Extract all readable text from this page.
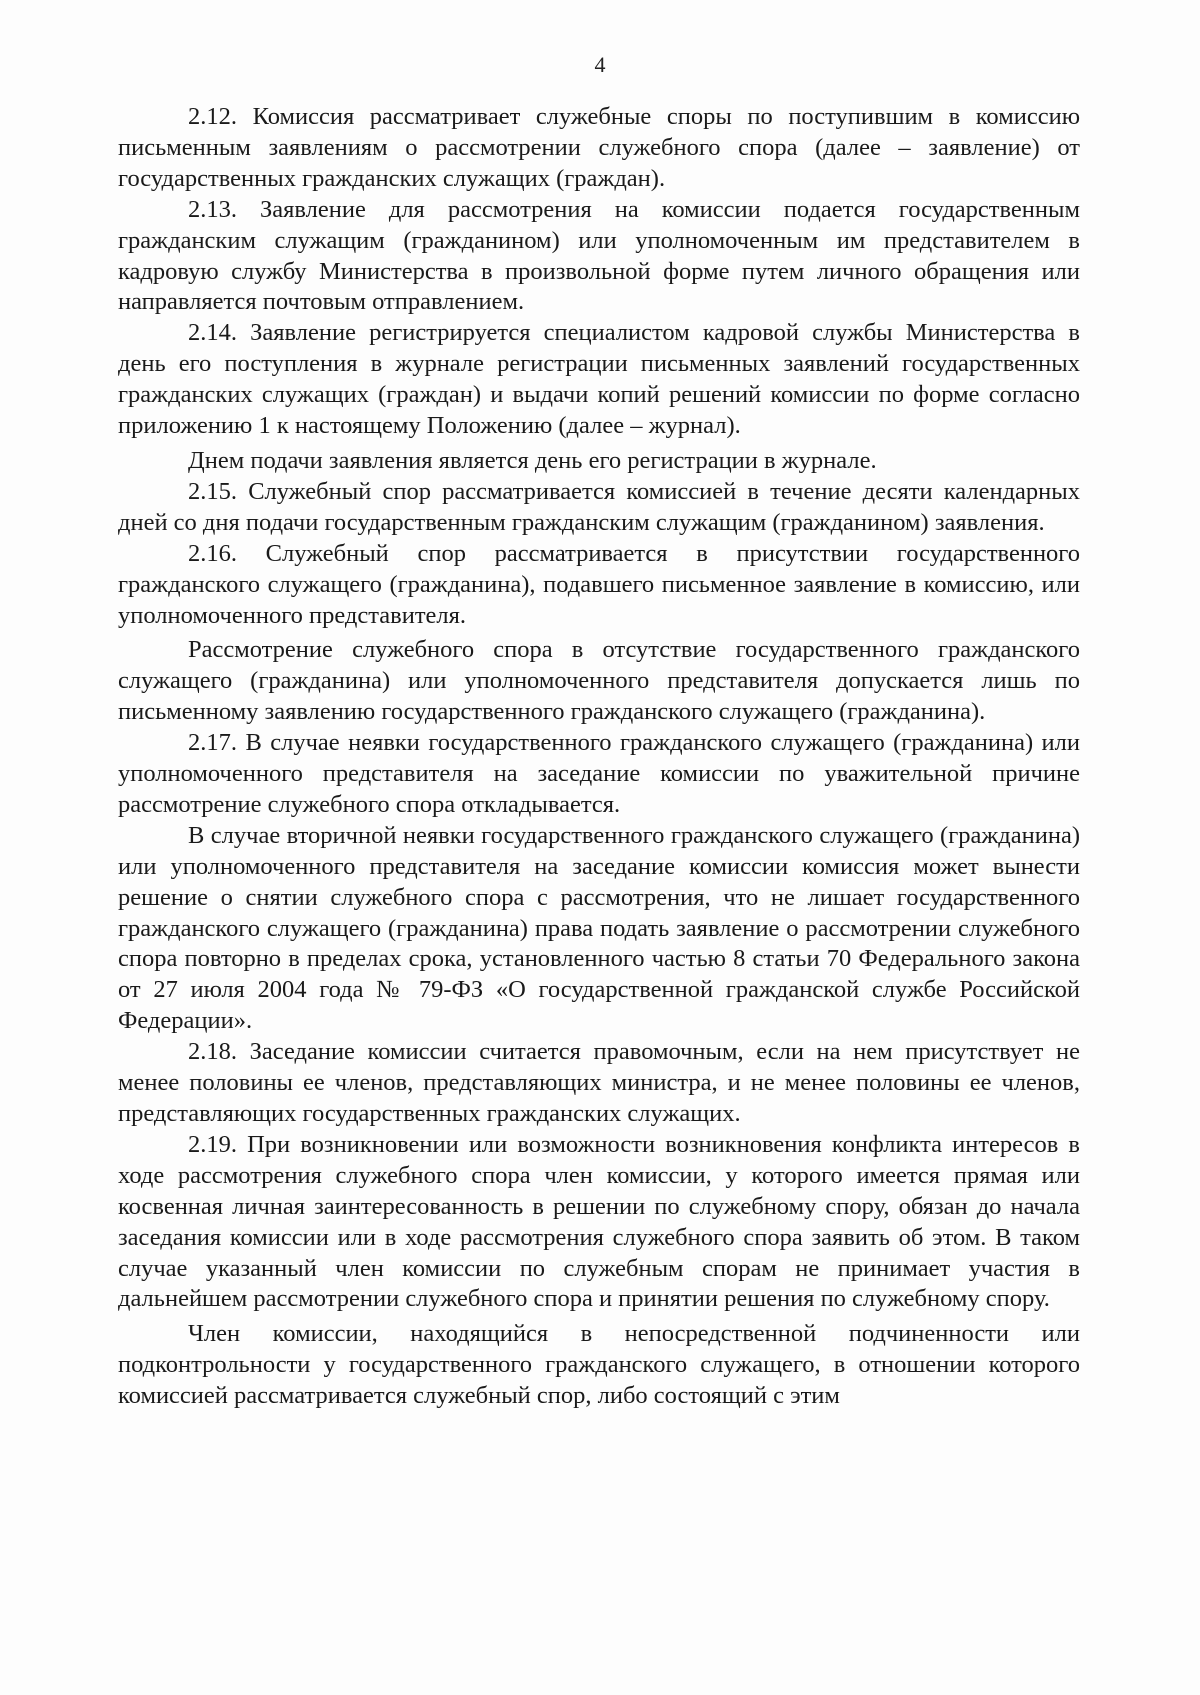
4

2.12. Комиссия рассматривает служебные споры по поступившим в комиссию письменным заявлениям о рассмотрении служебного спора (далее – заявление) от государственных гражданских служащих (граждан).

2.13. Заявление для рассмотрения на комиссии подается государственным гражданским служащим (гражданином) или уполномоченным им представителем в кадровую службу Министерства в произвольной форме путем личного обращения или направляется почтовым отправлением.

2.14. Заявление регистрируется специалистом кадровой службы Министерства в день его поступления в журнале регистрации письменных заявлений государственных гражданских служащих (граждан) и выдачи копий решений комиссии по форме согласно приложению 1 к настоящему Положению (далее – журнал).

Днем подачи заявления является день его регистрации в журнале.

2.15. Служебный спор рассматривается комиссией в течение десяти календарных дней со дня подачи государственным гражданским служащим (гражданином) заявления.

2.16. Служебный спор рассматривается в присутствии государственного гражданского служащего (гражданина), подавшего письменное заявление в комиссию, или уполномоченного представителя.

Рассмотрение служебного спора в отсутствие государственного гражданского служащего (гражданина) или уполномоченного представителя допускается лишь по письменному заявлению государственного гражданского служащего (гражданина).

2.17. В случае неявки государственного гражданского служащего (гражданина) или уполномоченного представителя на заседание комиссии по уважительной причине рассмотрение служебного спора откладывается.

В случае вторичной неявки государственного гражданского служащего (гражданина) или уполномоченного представителя на заседание комиссии комиссия может вынести решение о снятии служебного спора с рассмотрения, что не лишает государственного гражданского служащего (гражданина) права подать заявление о рассмотрении служебного спора повторно в пределах срока, установленного частью 8 статьи 70 Федерального закона от 27 июля 2004 года № 79-ФЗ «О государственной гражданской службе Российской Федерации».

2.18. Заседание комиссии считается правомочным, если на нем присутствует не менее половины ее членов, представляющих министра, и не менее половины ее членов, представляющих государственных гражданских служащих.

2.19. При возникновении или возможности возникновения конфликта интересов в ходе рассмотрения служебного спора член комиссии, у которого имеется прямая или косвенная личная заинтересованность в решении по служебному спору, обязан до начала заседания комиссии или в ходе рассмотрения служебного спора заявить об этом. В таком случае указанный член комиссии по служебным спорам не принимает участия в дальнейшем рассмотрении служебного спора и принятии решения по служебному спору.

Член комиссии, находящийся в непосредственной подчиненности или подконтрольности у государственного гражданского служащего, в отношении которого комиссией рассматривается служебный спор, либо состоящий с этим
